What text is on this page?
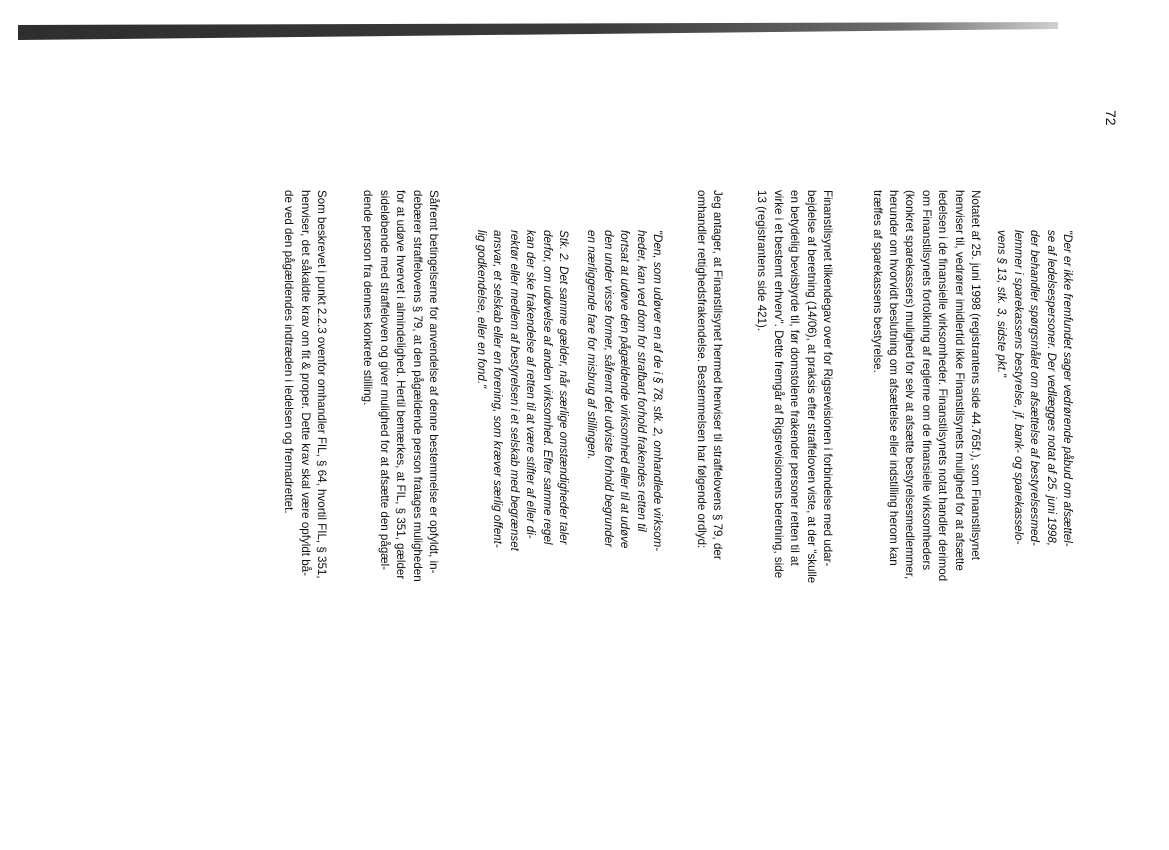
72
"Der er ikke fremfundet sager vedrørende påbud om afsættel-
se af ledelsespersoner. Der vedlægges notat af 25. juni 1998,
der behandler spørgsmålet om afsættelse af bestyrelsesmed-
lemmer i sparekassens bestyrelse, jf. bank- og sparekasselo-
vens § 13, stk. 3, sidste pkt."
Notatet af 25. juni 1998 (registrantens side 44.765f.), som Finanstilsynet
henviser til, vedrører imidlertid ikke Finanstilsynets mulighed for at afsætte
ledelsen i de finansielle virksomheder. Finanstilsynets notat handler derimod
om Finanstilsynets fortolkning af reglerne om de finansielle virksomheders
(konkret sparekassers) mulighed for selv at afsætte bestyrelsesmedlemmer,
herunder om hvorvidt beslutning om afsættelse eller indstilling herom kan
træffes af sparekassens bestyrelse.
Finanstilsynet tilkendegav over for Rigsrevisionen i forbindelse med udar-
bejdelse af beretning (14/06), at praksis efter straffeloven viste, at der "skulle
en betydelig bevisbyrde til, før domstolene frakender personer retten til at
virke i et bestemt erhverv". Dette fremgår af Rigsrevisionens beretning, side
13 (registrantens side 421).
Jeg antager, at Finanstilsynet hermed henviser til straffelovens § 79, der
omhandler rettighedsfrakendelse. Bestemmelsen har følgende ordlyd:
"Den, som udøver en af de i § 78, stk. 2, omhandlede virksom-
heder, kan ved dom for strafbart forhold frakendes retten til
fortsat at udøve den pågældende virksomhed eller til at udøve
den under visse former, såfremt det udviste forhold begrunder
en nærliggende fare for misbrug af stillingen.
Stk. 2. Det samme gælder, når særlige omstændigheder taler
derfor, om udøvelse af anden virksomhed. Efter samme regel
kan der ske frakendelse af retten til at være stifter af eller di-
rektør eller medlem af bestyrelsen i et selskab med begrænset
ansvar, et selskab eller en forening, som kræver særlig offent-
lig godkendelse, eller en fond."
Såfremt betingelserne for anvendelse af denne bestemmelse er opfyldt, in-
debærer straffelovens § 79, at den pågældende person fratages muligheden
for at udøve hvervet i almindelighed. Hertil bemærkes, at FIL, § 351, gælder
sideløbende med straffeloven og giver mulighed for at afsætte den pågæl-
dende person fra dennes konkrete stilling.
Som beskrevet i punkt 2.2.3 ovenfor omhandler FIL, § 64, hvortil FIL, § 351,
henviser, det såkaldte krav om fit & proper. Dette krav skal være opfyldt bå-
de ved den pågældendes indtræden i ledelsen og fremadrettet.
